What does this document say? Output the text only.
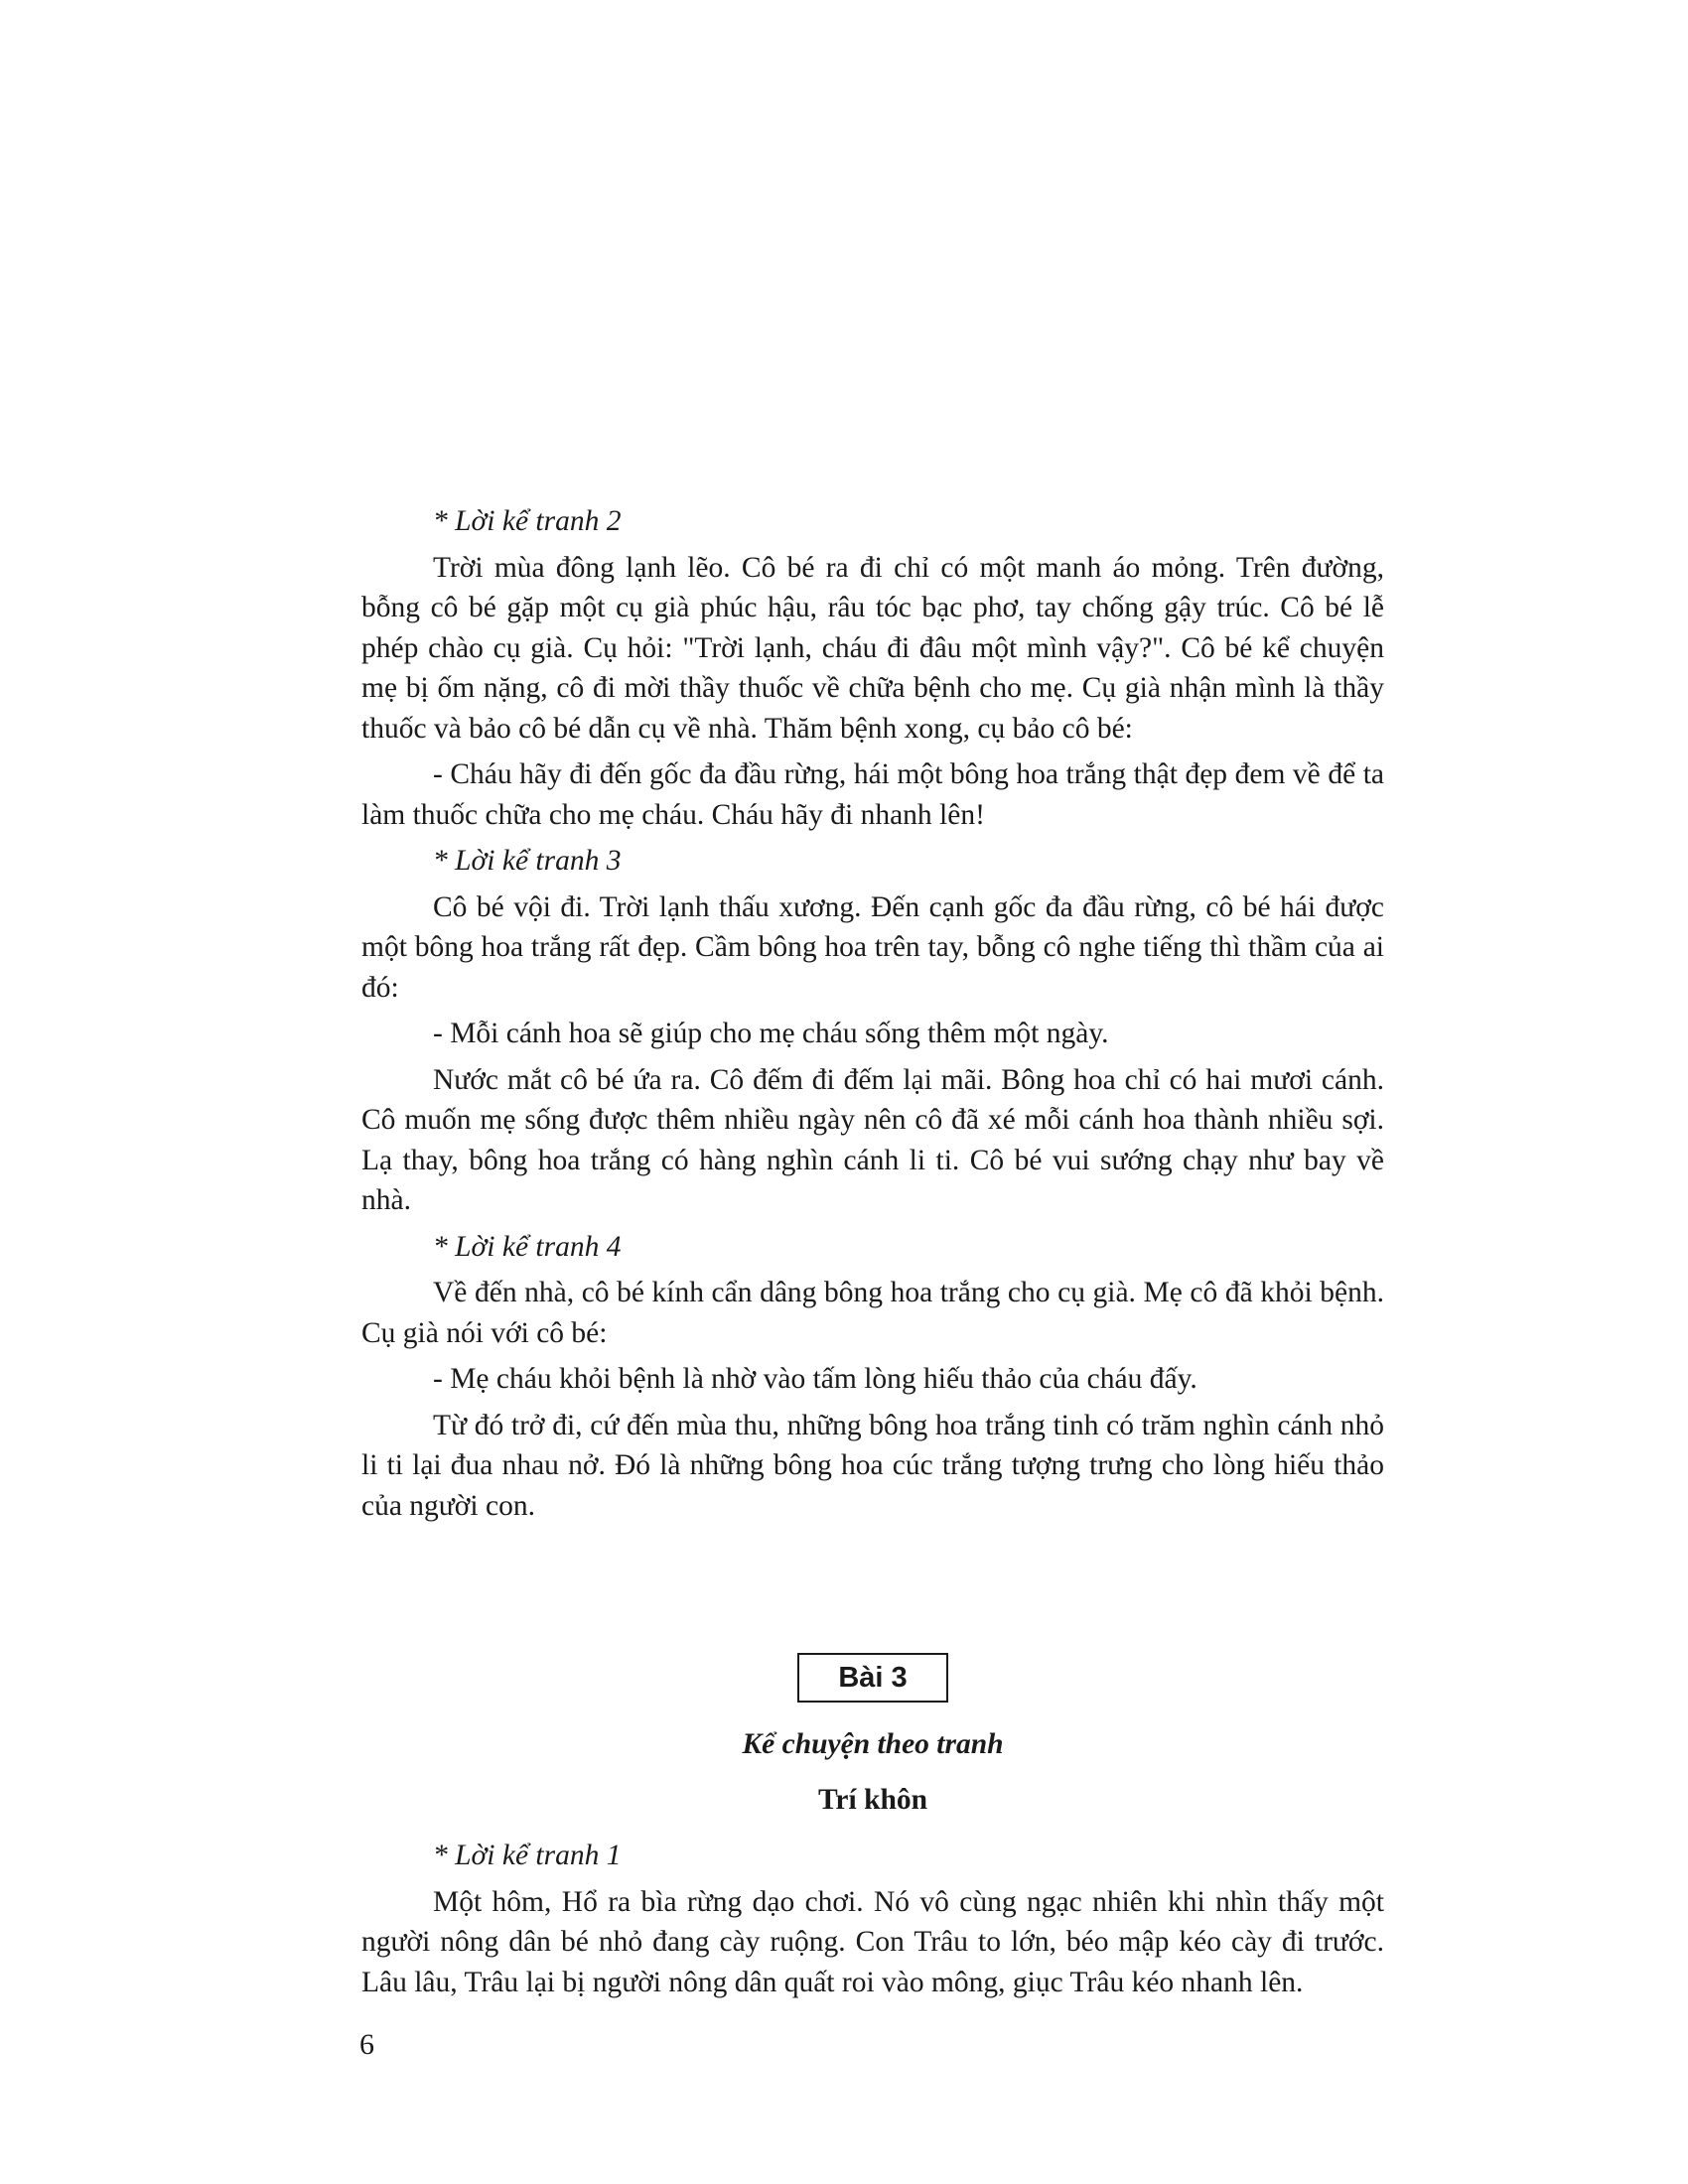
* Lời kể tranh 2

Trời mùa đông lạnh lẽo. Cô bé ra đi chỉ có một manh áo mỏng. Trên đường, bỗng cô bé gặp một cụ già phúc hậu, râu tóc bạc phơ, tay chống gậy trúc. Cô bé lễ phép chào cụ già. Cụ hỏi: "Trời lạnh, cháu đi đâu một mình vậy?". Cô bé kể chuyện mẹ bị ốm nặng, cô đi mời thầy thuốc về chữa bệnh cho mẹ. Cụ già nhận mình là thầy thuốc và bảo cô bé dẫn cụ về nhà. Thăm bệnh xong, cụ bảo cô bé:

- Cháu hãy đi đến gốc đa đầu rừng, hái một bông hoa trắng thật đẹp đem về để ta làm thuốc chữa cho mẹ cháu. Cháu hãy đi nhanh lên!

* Lời kể tranh 3

Cô bé vội đi. Trời lạnh thấu xương. Đến cạnh gốc đa đầu rừng, cô bé hái được một bông hoa trắng rất đẹp. Cầm bông hoa trên tay, bỗng cô nghe tiếng thì thầm của ai đó:

- Mỗi cánh hoa sẽ giúp cho mẹ cháu sống thêm một ngày.

Nước mắt cô bé ứa ra. Cô đếm đi đếm lại mãi. Bông hoa chỉ có hai mươi cánh. Cô muốn mẹ sống được thêm nhiều ngày nên cô đã xé mỗi cánh hoa thành nhiều sợi. Lạ thay, bông hoa trắng có hàng nghìn cánh li ti. Cô bé vui sướng chạy như bay về nhà.

* Lời kể tranh 4

Về đến nhà, cô bé kính cẩn dâng bông hoa trắng cho cụ già. Mẹ cô đã khỏi bệnh. Cụ già nói với cô bé:

- Mẹ cháu khỏi bệnh là nhờ vào tấm lòng hiếu thảo của cháu đấy.

Từ đó trở đi, cứ đến mùa thu, những bông hoa trắng tinh có trăm nghìn cánh nhỏ li ti lại đua nhau nở. Đó là những bông hoa cúc trắng tượng trưng cho lòng hiếu thảo của người con.

Bài 3

Kể chuyện theo tranh

Trí khôn

* Lời kể tranh 1

Một hôm, Hổ ra bìa rừng dạo chơi. Nó vô cùng ngạc nhiên khi nhìn thấy một người nông dân bé nhỏ đang cày ruộng. Con Trâu to lớn, béo mập kéo cày đi trước. Lâu lâu, Trâu lại bị người nông dân quất roi vào mông, giục Trâu kéo nhanh lên.

6
